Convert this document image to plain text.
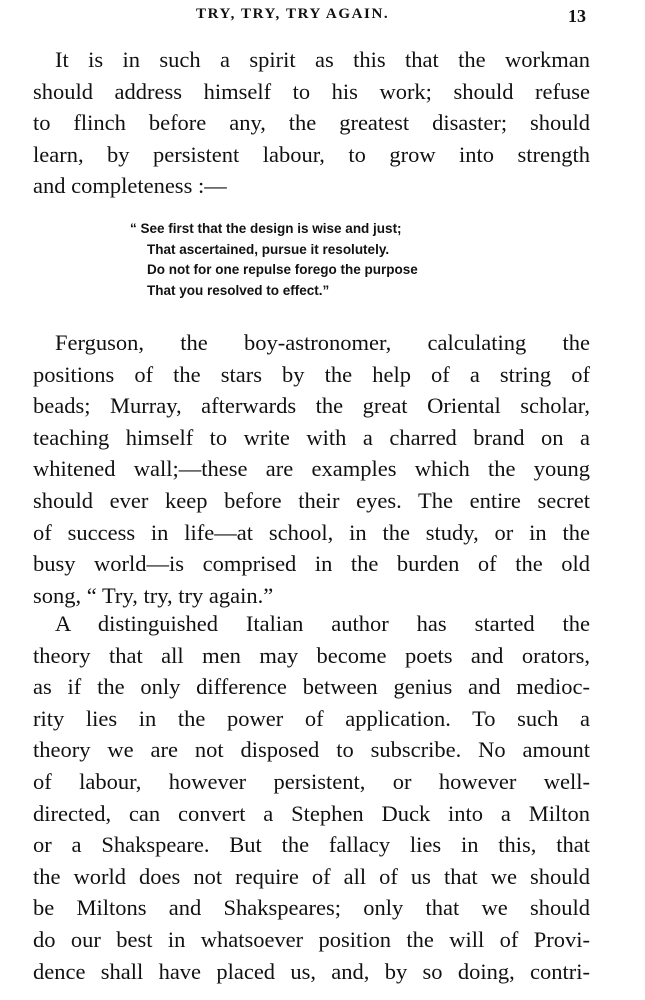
TRY, TRY, TRY AGAIN.	13
It is in such a spirit as this that the workman
should address himself to his work; should refuse
to flinch before any, the greatest disaster; should
learn, by persistent labour, to grow into strength
and completeness :—
“ See first that the design is wise and just;
That ascertained, pursue it resolutely.
Do not for one repulse forego the purpose
That you resolved to effect.”
Ferguson, the boy-astronomer, calculating the
positions of the stars by the help of a string of
beads; Murray, afterwards the great Oriental scholar,
teaching himself to write with a charred brand on a
whitened wall;—these are examples which the young
should ever keep before their eyes. The entire secret
of success in life—at school, in the study, or in the
busy world—is comprised in the burden of the old
song, “ Try, try, try again.”
A distinguished Italian author has started the
theory that all men may become poets and orators,
as if the only difference between genius and medioc-
rity lies in the power of application. To such a
theory we are not disposed to subscribe. No amount
of labour, however persistent, or however well-
directed, can convert a Stephen Duck into a Milton
or a Shakspeare. But the fallacy lies in this, that
the world does not require of all of us that we should
be Miltons and Shakspeares; only that we should
do our best in whatsoever position the will of Provi-
dence shall have placed us, and, by so doing, contri-
